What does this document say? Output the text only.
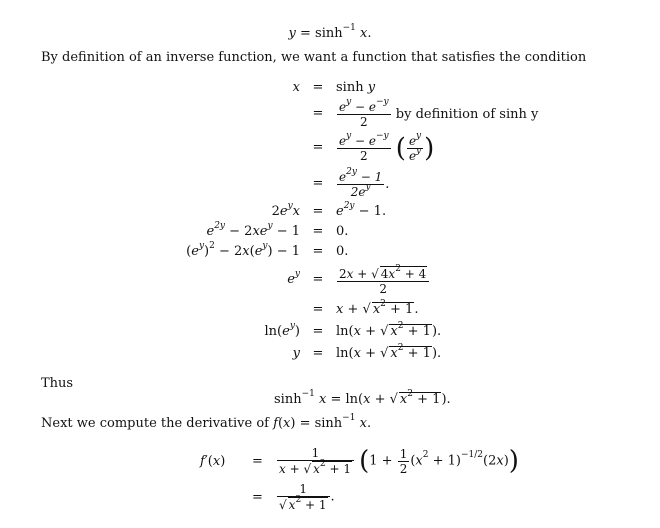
$y = \sinh^{-1} x$.
By definition of an inverse function, we want a function that satisfies the condition
x = sinh y
=	$\frac{e^y - e^{-y}}{2}$ by definition of sinh y
=	$\frac{e^y - e^{-y}}{2}$ ( $\frac{e^y}{e^y}$ )
=	$\frac{e^{2y} - 1}{2e^y}$ .
$2e^yx = e^{2y} - 1$.
$e^{2y} - 2xe^y - 1 = 0$.
$(e^y)^2 - 2x(e^y) - 1 = 0$.
$e^y$ =	$\frac{2x + √ 4x^2 + 4}{2}$
= x + √ $x^2 + 1$.
$\ln(e^y) = \ln(x$ + √ $x^2 + 1$).
y = ln(x + √ $x^2 + 1$).
Thus
$\sinh^{-1} x = \ln(x$ + √ $x^2 + 1$).
Next we compute the derivative of $f(x) = \sinh^{-1} x$.
$f'(x) = \frac{1}{x + √ x^2 + 1} (1 + \frac{1}{2} (x^2 + 1)^{-1/2}(2x))$
= $\frac{1}{√ x^2 + 1}$ .
